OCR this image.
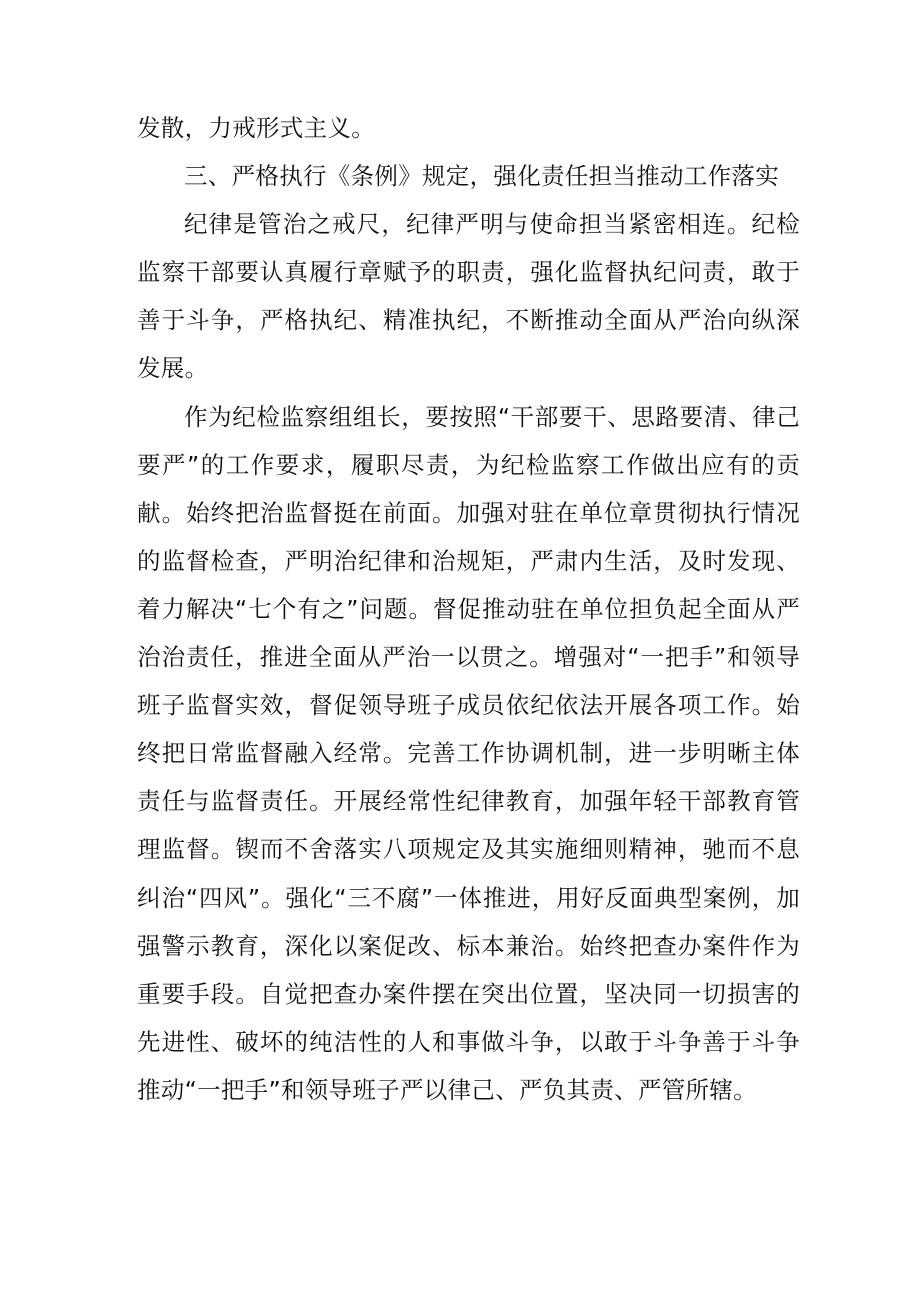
发散，力戒形式主义。

三、严格执行《条例》规定，强化责任担当推动工作落实

纪律是管治之戒尺，纪律严明与使命担当紧密相连。纪检监察干部要认真履行章赋予的职责，强化监督执纪问责，敢于善于斗争，严格执纪、精准执纪，不断推动全面从严治向纵深发展。

作为纪检监察组组长，要按照“干部要干、思路要清、律己要严”的工作要求，履职尽责，为纪检监察工作做出应有的贡献。始终把治监督挺在前面。加强对驻在单位章贯彻执行情况的监督检查，严明治纪律和治规矩，严肃内生活，及时发现、着力解决“七个有之”问题。督促推动驻在单位担负起全面从严治治责任，推进全面从严治一以贯之。增强对“一把手”和领导班子监督实效，督促领导班子成员依纪依法开展各项工作。始终把日常监督融入经常。完善工作协调机制，进一步明晰主体责任与监督责任。开展经常性纪律教育，加强年轻干部教育管理监督。锲而不舍落实八项规定及其实施细则精神，驰而不息纠治“四风”。强化“三不腐”一体推进，用好反面典型案例，加强警示教育，深化以案促改、标本兼治。始终把查办案件作为重要手段。自觉把查办案件摆在突出位置，坚决同一切损害的先进性、破坏的纯洁性的人和事做斗争，以敢于斗争善于斗争推动“一把手”和领导班子严以律己、严负其责、严管所辖。
